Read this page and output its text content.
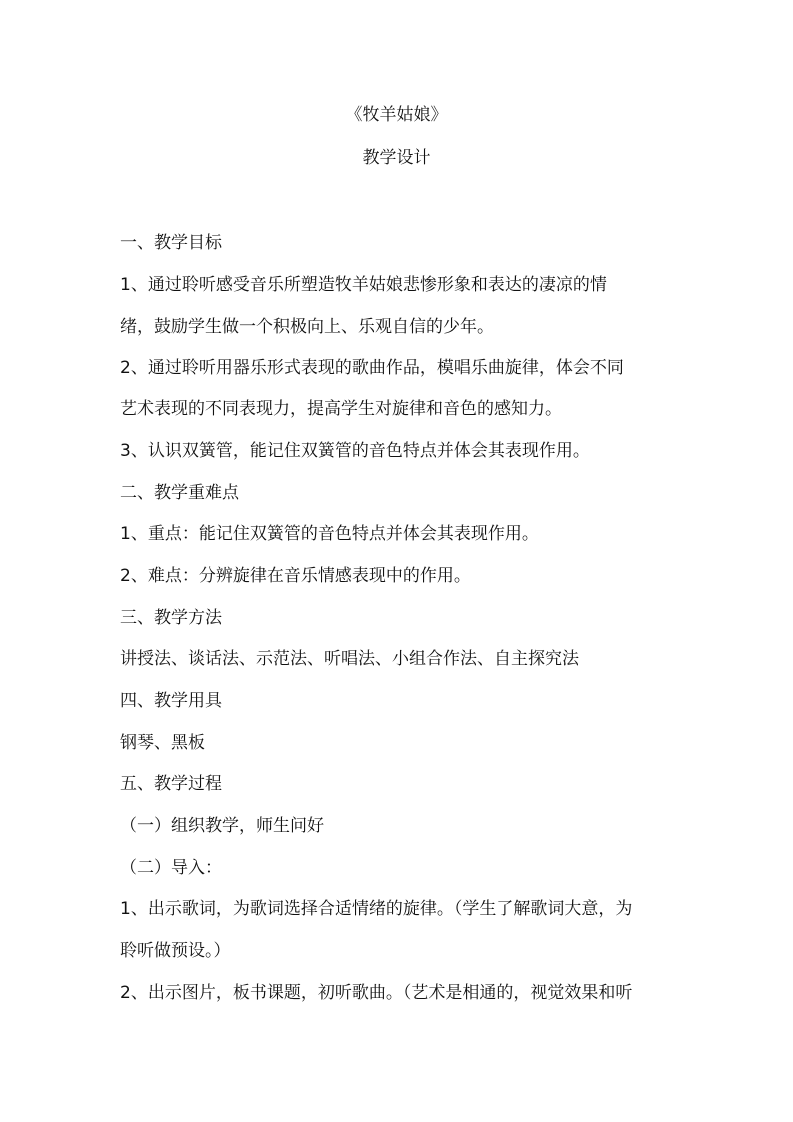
《牧羊姑娘》
教学设计
一、教学目标
1、通过聆听感受音乐所塑造牧羊姑娘悲惨形象和表达的凄凉的情
绪，鼓励学生做一个积极向上、乐观自信的少年。
2、通过聆听用器乐形式表现的歌曲作品，模唱乐曲旋律，体会不同
艺术表现的不同表现力，提高学生对旋律和音色的感知力。
3、认识双簧管，能记住双簧管的音色特点并体会其表现作用。
二、教学重难点
1、重点：能记住双簧管的音色特点并体会其表现作用。
2、难点：分辨旋律在音乐情感表现中的作用。
三、教学方法
讲授法、谈话法、示范法、听唱法、小组合作法、自主探究法
四、教学用具
钢琴、黑板
五、教学过程
（一）组织教学，师生问好
（二）导入：
1、出示歌词，为歌词选择合适情绪的旋律。（学生了解歌词大意，为
聆听做预设。）
2、出示图片，板书课题，初听歌曲。（艺术是相通的，视觉效果和听
